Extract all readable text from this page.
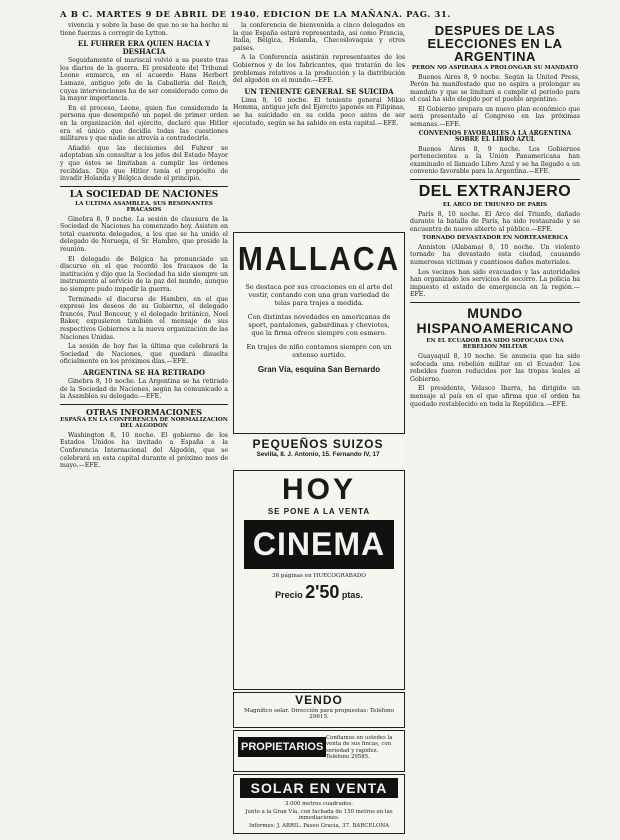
A B C. MARTES 9 DE ABRIL DE 1940. EDICION DE LA MAÑANA. PAG. 31.

vivencia y sobre la base de que no se ha hecho ni tiene fuerzas a corregir de Lytton.

EL FUHRER ERA QUIEN HACIA Y DESHACIA

Seguidamente el mariscal volvió a su puesto tras los diarios de la guerra. El presidente del Tribunal Leone enmarca, en el acuerdo Hans Herbert Lamaze, antiguo jefe de la Caballería del Reich, cuyas intervenciones ha de ser considerado como de la mayor importancia.

En el proceso, Leone, quien fue considerado la persona que desempeñó un papel de primer orden en la organización del ejército, declaró que Hitler era el único que decidía todas las cuestiones militares y que nadie se atrevía a contradecirle.

Añadió que las decisiones del Fuhrer se adoptaban sin consultar a los jefes del Estado Mayor y que éstos se limitaban a cumplir las órdenes recibidas. Dijo que Hitler tenía el propósito de invadir Holanda y Bélgica desde el principio.

LA SOCIEDAD DE NACIONES
LA ULTIMA ASAMBLEA. SUS RESONANTES FRACASOS

Ginebra 8, 9 noche. La sesión de clausura de la Sociedad de Naciones ha comenzado hoy. Asisten en total cuarenta delegados, a los que se ha unido el delegado de Noruega, el Sr. Hambro, que preside la reunión.

El delegado de Bélgica ha pronunciado un discurso en el que recordó los fracasos de la institución y dijo que la Sociedad ha sido siempre un instrumento al servicio de la paz del mundo, aunque no siempre pudo impedir la guerra.

Terminado el discurso de Hambro, en el que expresó los deseos de su Gobierno, el delegado francés, Paul Boncour, y el delegado británico, Noel Baker, expusieron también el mensaje de sus respectivos Gobiernos a la nueva organización de las Naciones Unidas.

La sesión de hoy fue la última que celebrará la Sociedad de Naciones, que quedará disuelta oficialmente en los próximos días.—EFE.

ARGENTINA SE HA RETIRADO

Ginebra 8, 10 noche. La Argentina se ha retirado de la Sociedad de Naciones, según ha comunicado a la Asamblea su delegado.—EFE.

OTRAS INFORMACIONES
ESPAÑA EN LA CONFERENCIA DE NORMALIZACION DEL ALGODON

Washington 8, 10 noche. El gobierno de los Estados Unidos ha invitado a España a la Conferencia Internacional del Algodón, que se celebrará en esta capital durante el próximo mes de mayo.—EFE.

la conferencia de bienvenida a cinco delegados en la que España estará representada, así como Francia, Italia, Bélgica, Holanda, Checoslovaquia y otros países.

A la Conferencia asistirán representantes de los Gobiernos y de los fabricantes, que tratarán de los problemas relativos a la producción y la distribución del algodón en el mundo.—EFE.

UN TENIENTE GENERAL SE SUICIDA

Lima 8, 10 noche. El teniente general Mikio Homma, antiguo jefe del Ejército japonés en Filipinas, se ha suicidado en su celda poco antes de ser ejecutado, según se ha sabido en esta capital.—EFE.

MALLACA
Se destaca por sus creaciones en el arte del vestir, contando con una gran variedad de telas para trajes a medida.
Con distintas novedades en americanas de sport, pantalones, gabardinas y cheviotes, que la firma ofrece siempre con esmero.
En trajes de niño contamos siempre con un extenso surtido.
Gran Vía, esquina San Bernardo
PEQUEÑOS SUIZOS
Sevilla, 8. J. Antonio, 15. Fernando IV, 17
HOY
SE PONE A LA VENTA
CINEMA
36 páginas en HUECOGRABADO
Precio 2'50 ptas.
VENDO
Magnífico solar. Dirección para propuestas: Teléfono 29615.
PROPIETARIOS
Confiamos en ustedes la venta de sus fincas, con seriedad y rapidez. Teléfono 29585.
SOLAR EN VENTA
3.000 metros cuadrados.
Junto a la Gran Vía, con fachada de 150 metros en las inmediaciones.
Informes: J. ABRIL. Paseo Gracia, 37. BARCELONA
DESPUES DE LAS ELECCIONES EN LA ARGENTINA
PERON NO ASPIRARA A PROLONGAR SU MANDATO

Buenos Aires 8, 9 noche. Según la United Press, Perón ha manifestado que no aspira a prolongar su mandato y que se limitará a cumplir el período para el cual ha sido elegido por el pueblo argentino.

El Gobierno prepara un nuevo plan económico que será presentado al Congreso en las próximas semanas.—EFE.

CONVENIOS FAVORABLES A LA ARGENTINA SOBRE EL LIBRO AZUL

Buenos Aires 8, 9 noche. Los Gobiernos pertenecientes a la Unión Panamericana han examinado el llamado Libro Azul y se ha llegado a un convenio favorable para la Argentina.—EFE.

DEL EXTRANJERO
EL ARCO DE TRIUNFO DE PARIS

París 8, 10 noche. El Arco del Triunfo, dañado durante la batalla de París, ha sido restaurado y se encuentra de nuevo abierto al público.—EFE.

TORNADO DEVASTADOR EN NORTEAMERICA

Anniston (Alabama) 8, 10 noche. Un violento tornado ha devastado esta ciudad, causando numerosas víctimas y cuantiosos daños materiales.

Los vecinos han sido evacuados y las autoridades han organizado los servicios de socorro. La policía ha impuesto el estado de emergencia en la región.—EFE.

MUNDO HISPANOAMERICANO
EN EL ECUADOR HA SIDO SOFOCADA UNA REBELION MILITAR

Guayaquil 8, 10 noche. Se anuncia que ha sido sofocada una rebelión militar en el Ecuador. Los rebeldes fueron reducidos por las tropas leales al Gobierno.

El presidente, Velasco Ibarra, ha dirigido un mensaje al país en el que afirma que el orden ha quedado restablecido en toda la República.—EFE.
